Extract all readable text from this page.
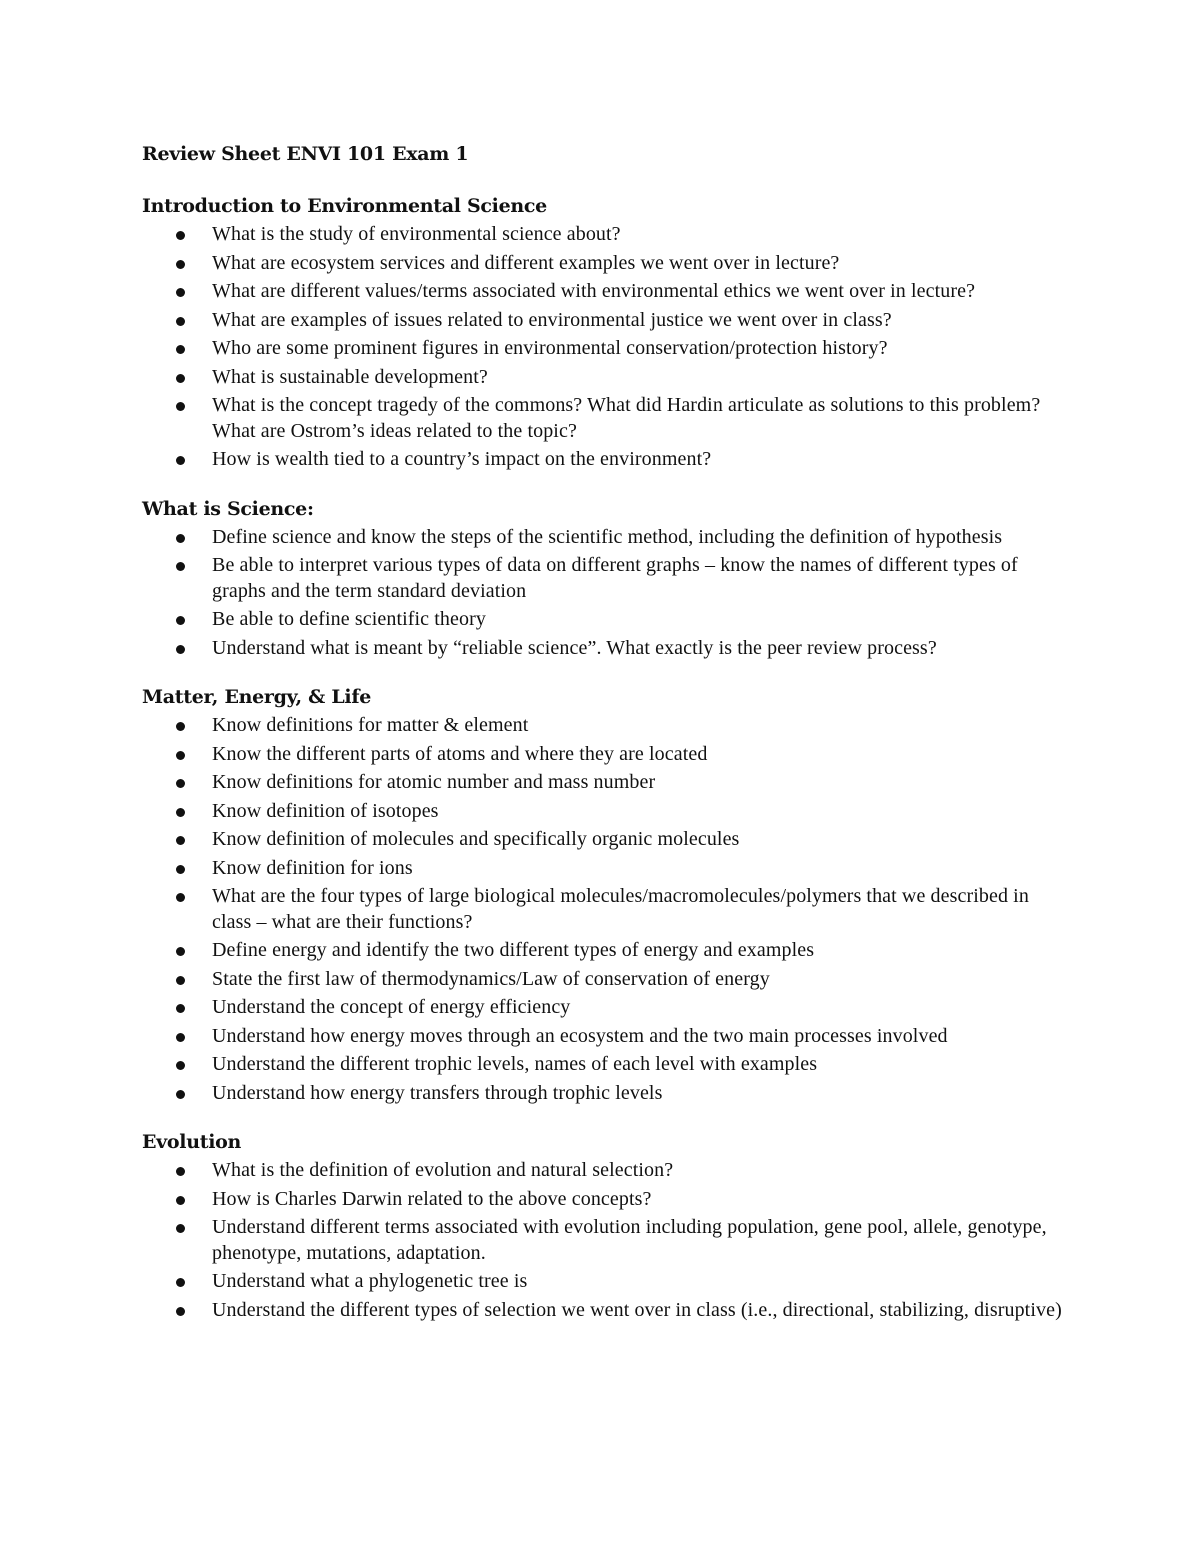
Review Sheet ENVI 101 Exam 1
Introduction to Environmental Science
What is the study of environmental science about?
What are ecosystem services and different examples we went over in lecture?
What are different values/terms associated with environmental ethics we went over in lecture?
What are examples of issues related to environmental justice we went over in class?
Who are some prominent figures in environmental conservation/protection history?
What is sustainable development?
What is the concept tragedy of the commons? What did Hardin articulate as solutions to this problem? What are Ostrom’s ideas related to the topic?
How is wealth tied to a country’s impact on the environment?
What is Science:
Define science and know the steps of the scientific method, including the definition of hypothesis
Be able to interpret various types of data on different graphs – know the names of different types of graphs and the term standard deviation
Be able to define scientific theory
Understand what is meant by “reliable science”. What exactly is the peer review process?
Matter, Energy, & Life
Know definitions for matter & element
Know the different parts of atoms and where they are located
Know definitions for atomic number and mass number
Know definition of isotopes
Know definition of molecules and specifically organic molecules
Know definition for ions
What are the four types of large biological molecules/macromolecules/polymers that we described in class – what are their functions?
Define energy and identify the two different types of energy and examples
State the first law of thermodynamics/Law of conservation of energy
Understand the concept of energy efficiency
Understand how energy moves through an ecosystem and the two main processes involved
Understand the different trophic levels, names of each level with examples
Understand how energy transfers through trophic levels
Evolution
What is the definition of evolution and natural selection?
How is Charles Darwin related to the above concepts?
Understand different terms associated with evolution including population, gene pool, allele, genotype, phenotype, mutations, adaptation.
Understand what a phylogenetic tree is
Understand the different types of selection we went over in class (i.e., directional, stabilizing, disruptive)
